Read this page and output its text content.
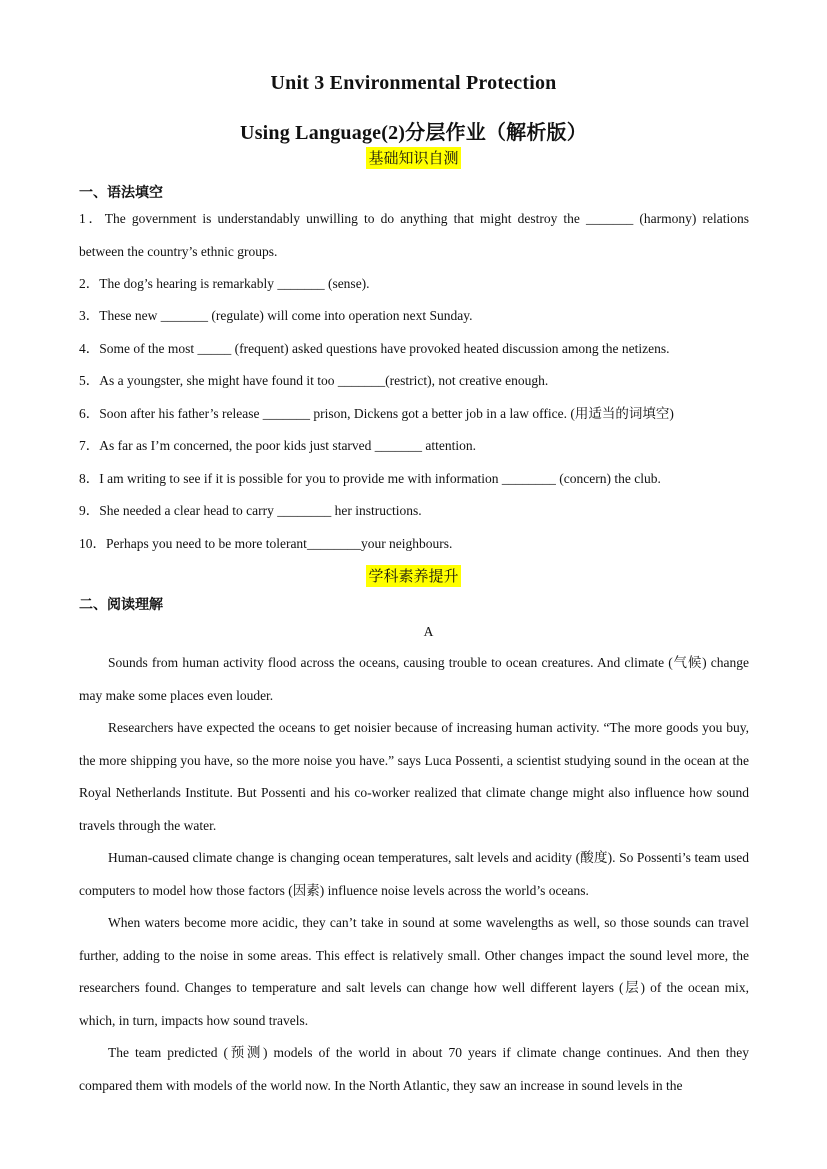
Unit 3 Environmental Protection
Using Language(2)分层作业（解析版）
基础知识自测
一、语法填空
1．The government is understandably unwilling to do anything that might destroy the _______ (harmony) relations between the country’s ethnic groups.
2．The dog’s hearing is remarkably _______ (sense).
3．These new _______ (regulate) will come into operation next Sunday.
4．Some of the most _____ (frequent) asked questions have provoked heated discussion among the netizens.
5．As a youngster, she might have found it too _______(restrict), not creative enough.
6．Soon after his father’s release _______ prison, Dickens got a better job in a law office. (用适当的词填空)
7．As far as I’m concerned, the poor kids just starved _______ attention.
8．I am writing to see if it is possible for you to provide me with information ________ (concern) the club.
9．She needed a clear head to carry ________ her instructions.
10．Perhaps you need to be more tolerant________your neighbours.
学科素养提升
二、阅读理解
A

Sounds from human activity flood across the oceans, causing trouble to ocean creatures. And climate (气候) change may make some places even louder.

Researchers have expected the oceans to get noisier because of increasing human activity. “The more goods you buy, the more shipping you have, so the more noise you have.” says Luca Possenti, a scientist studying sound in the ocean at the Royal Netherlands Institute. But Possenti and his co-worker realized that climate change might also influence how sound travels through the water.

Human-caused climate change is changing ocean temperatures, salt levels and acidity (酸度). So Possenti’s team used computers to model how those factors (因素) influence noise levels across the world’s oceans.

When waters become more acidic, they can’t take in sound at some wavelengths as well, so those sounds can travel further, adding to the noise in some areas. This effect is relatively small. Other changes impact the sound level more, the researchers found. Changes to temperature and salt levels can change how well different layers (层) of the ocean mix, which, in turn, impacts how sound travels.

The team predicted (预测) models of the world in about 70 years if climate change continues. And then they compared them with models of the world now. In the North Atlantic, they saw an increase in sound levels in the
